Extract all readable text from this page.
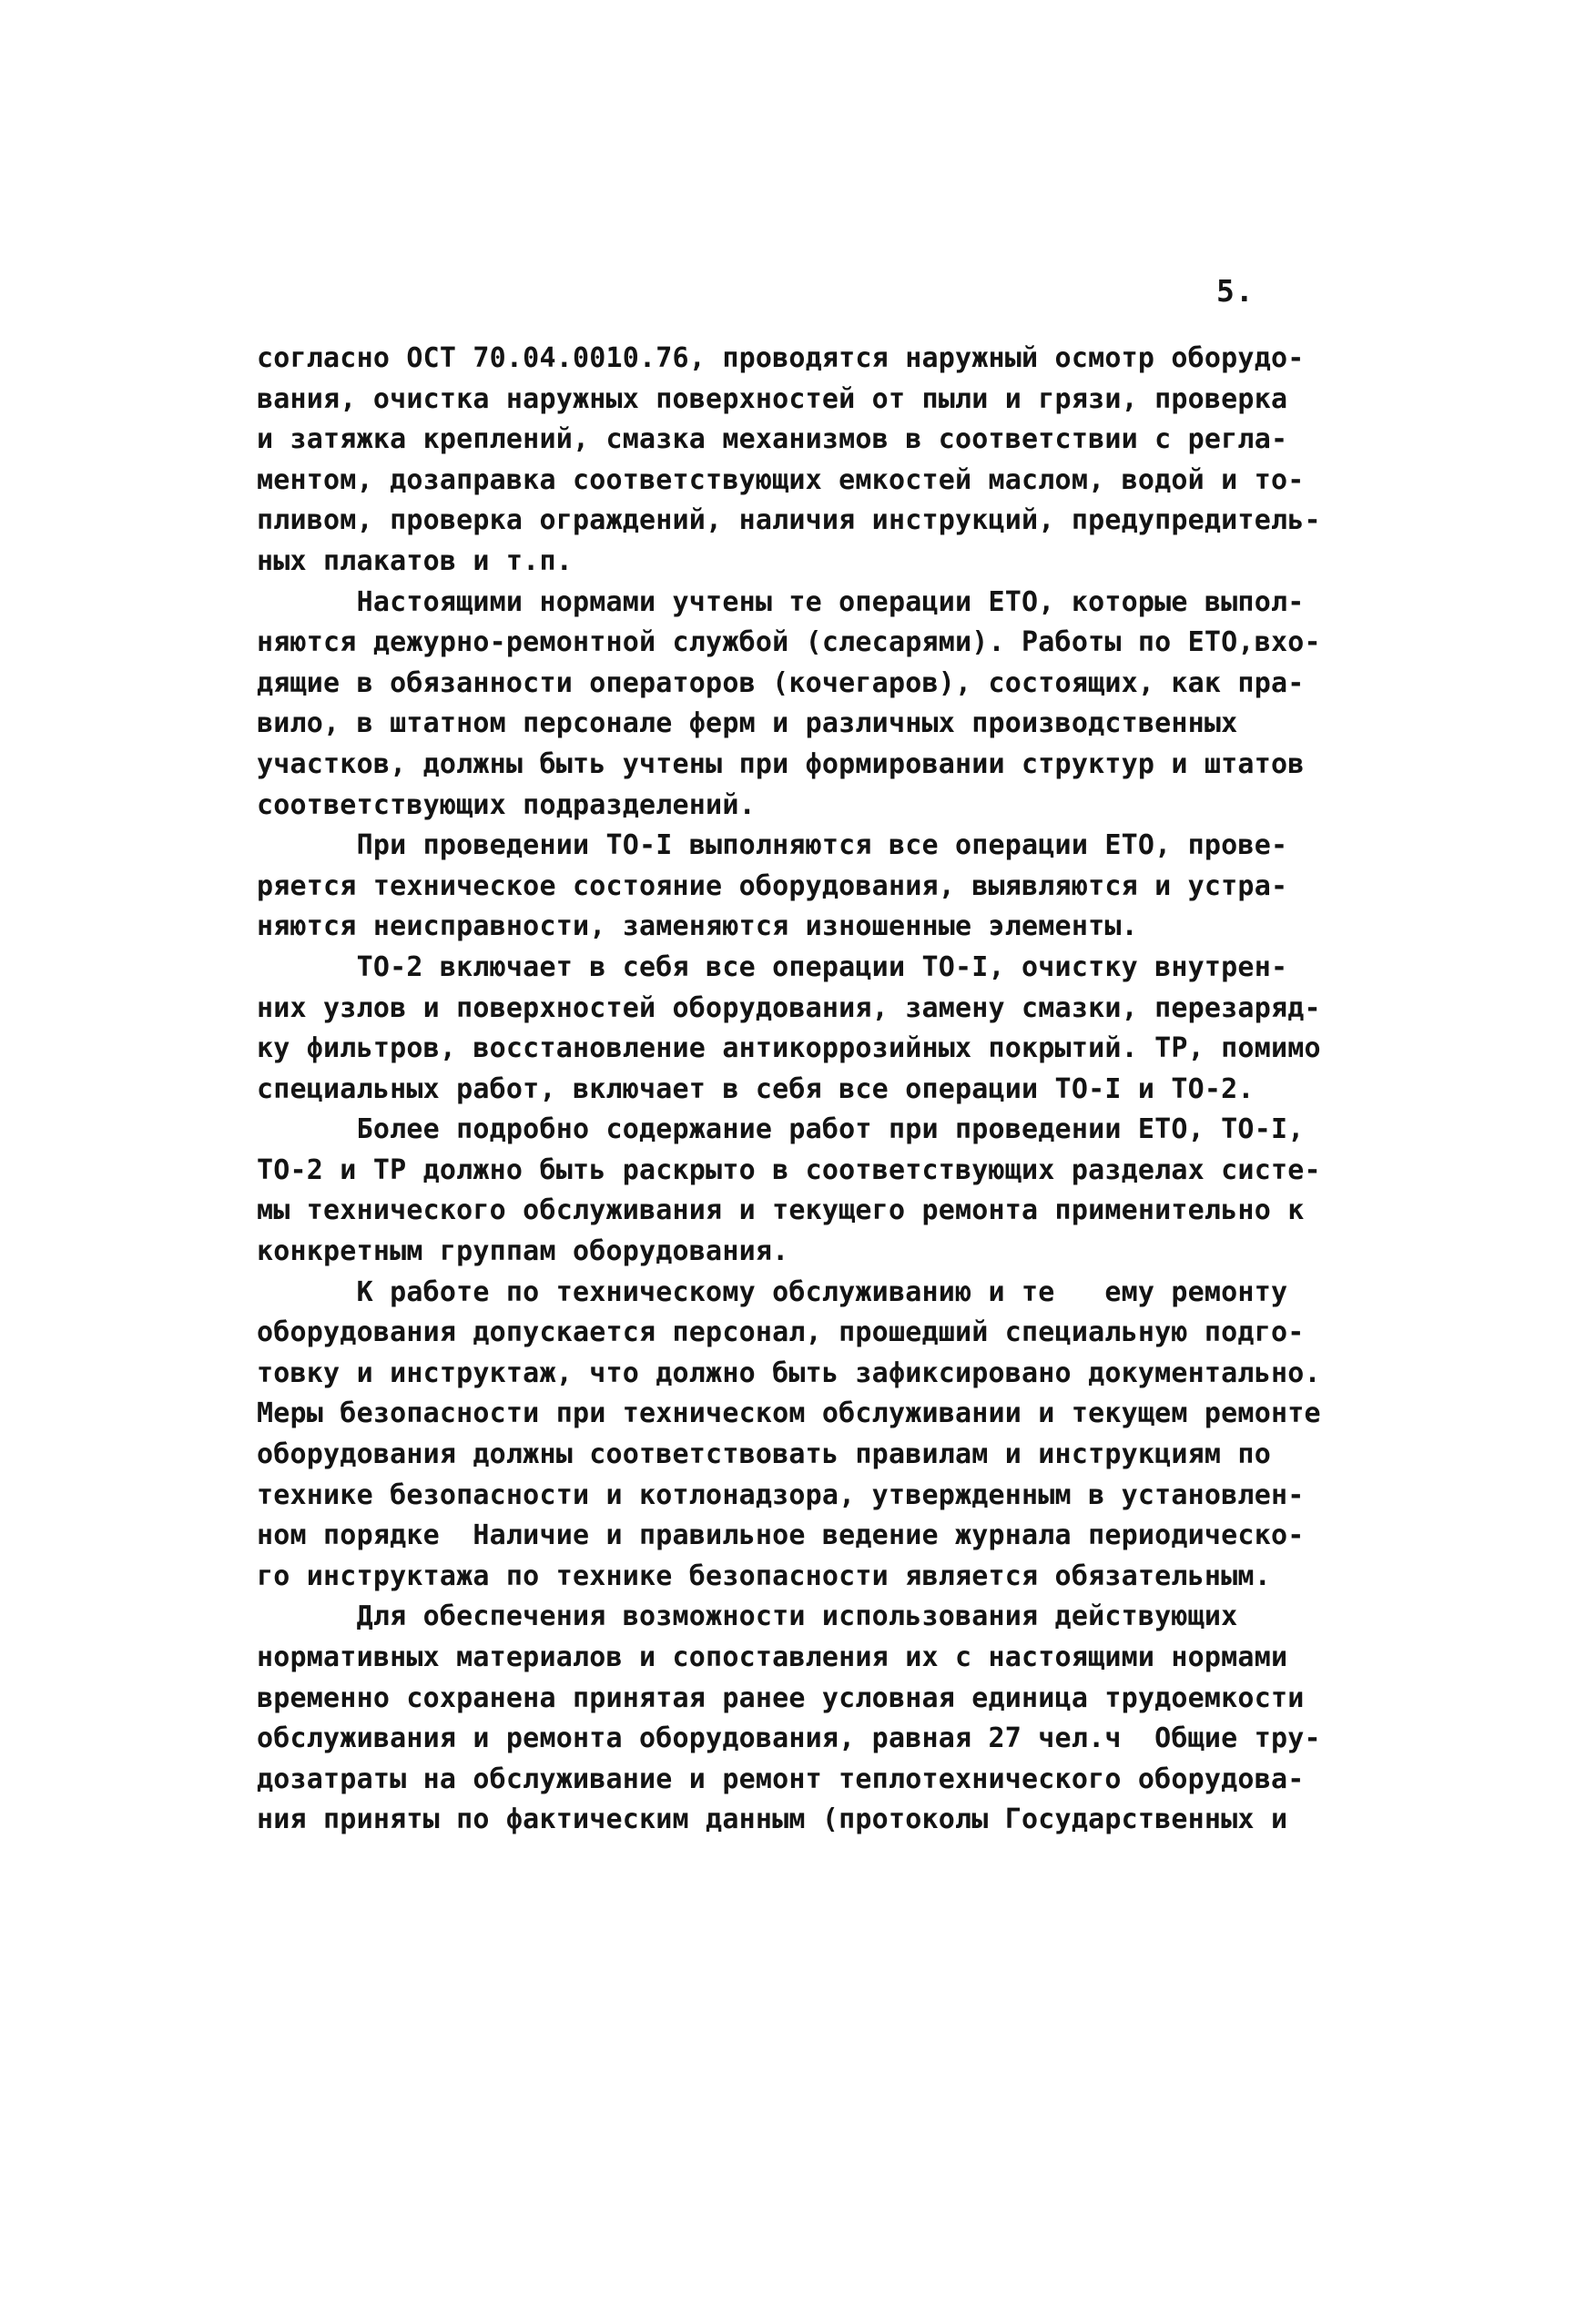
5.
согласно ОСТ 70.04.0010.76, проводятся наружный осмотр оборудо-
вания, очистка наружных поверхностей от пыли и грязи, проверка
и затяжка креплений, смазка механизмов в соответствии с регла-
ментом, дозаправка соответствующих емкостей маслом, водой и то-
пливом, проверка ограждений, наличия инструкций, предупредитель-
ных плакатов и т.п.
Настоящими нормами учтены те операции ЕТО, которые выпол-
няются дежурно-ремонтной службой (слесарями). Работы по ЕТО,вхо-
дящие в обязанности операторов (кочегаров), состоящих, как пра-
вило, в штатном персонале ферм и различных производственных
участков, должны быть учтены при формировании структур и штатов
соответствующих подразделений.
При проведении ТО-I выполняются все операции ЕТО, прове-
ряется техническое состояние оборудования, выявляются и устра-
няются неисправности, заменяются изношенные элементы.
ТО-2 включает в себя все операции ТО-I, очистку внутрен-
них узлов и поверхностей оборудования, замену смазки, перезаряд-
ку фильтров, восстановление антикоррозийных покрытий. ТР, помимо
специальных работ, включает в себя все операции ТО-I и ТО-2.
Более подробно содержание работ при проведении ЕТО, ТО-I,
ТО-2 и ТР должно быть раскрыто в соответствующих разделах систе-
мы технического обслуживания и текущего ремонта применительно к
конкретным группам оборудования.
К работе по техническому обслуживанию и те   ему ремонту
оборудования допускается персонал, прошедший специальную подго-
товку и инструктаж, что должно быть зафиксировано документально.
Меры безопасности при техническом обслуживании и текущем ремонте
оборудования должны соответствовать правилам и инструкциям по
технике безопасности и котлонадзора, утвержденным в установлен-
ном порядке  Наличие и правильное ведение журнала периодическо-
го инструктажа по технике безопасности является обязательным.
Для обеспечения возможности использования действующих
нормативных материалов и сопоставления их с настоящими нормами
временно сохранена принятая ранее условная единица трудоемкости
обслуживания и ремонта оборудования, равная 27 чел.ч  Общие тру-
дозатраты на обслуживание и ремонт теплотехнического оборудова-
ния приняты по фактическим данным (протоколы Государственных и
